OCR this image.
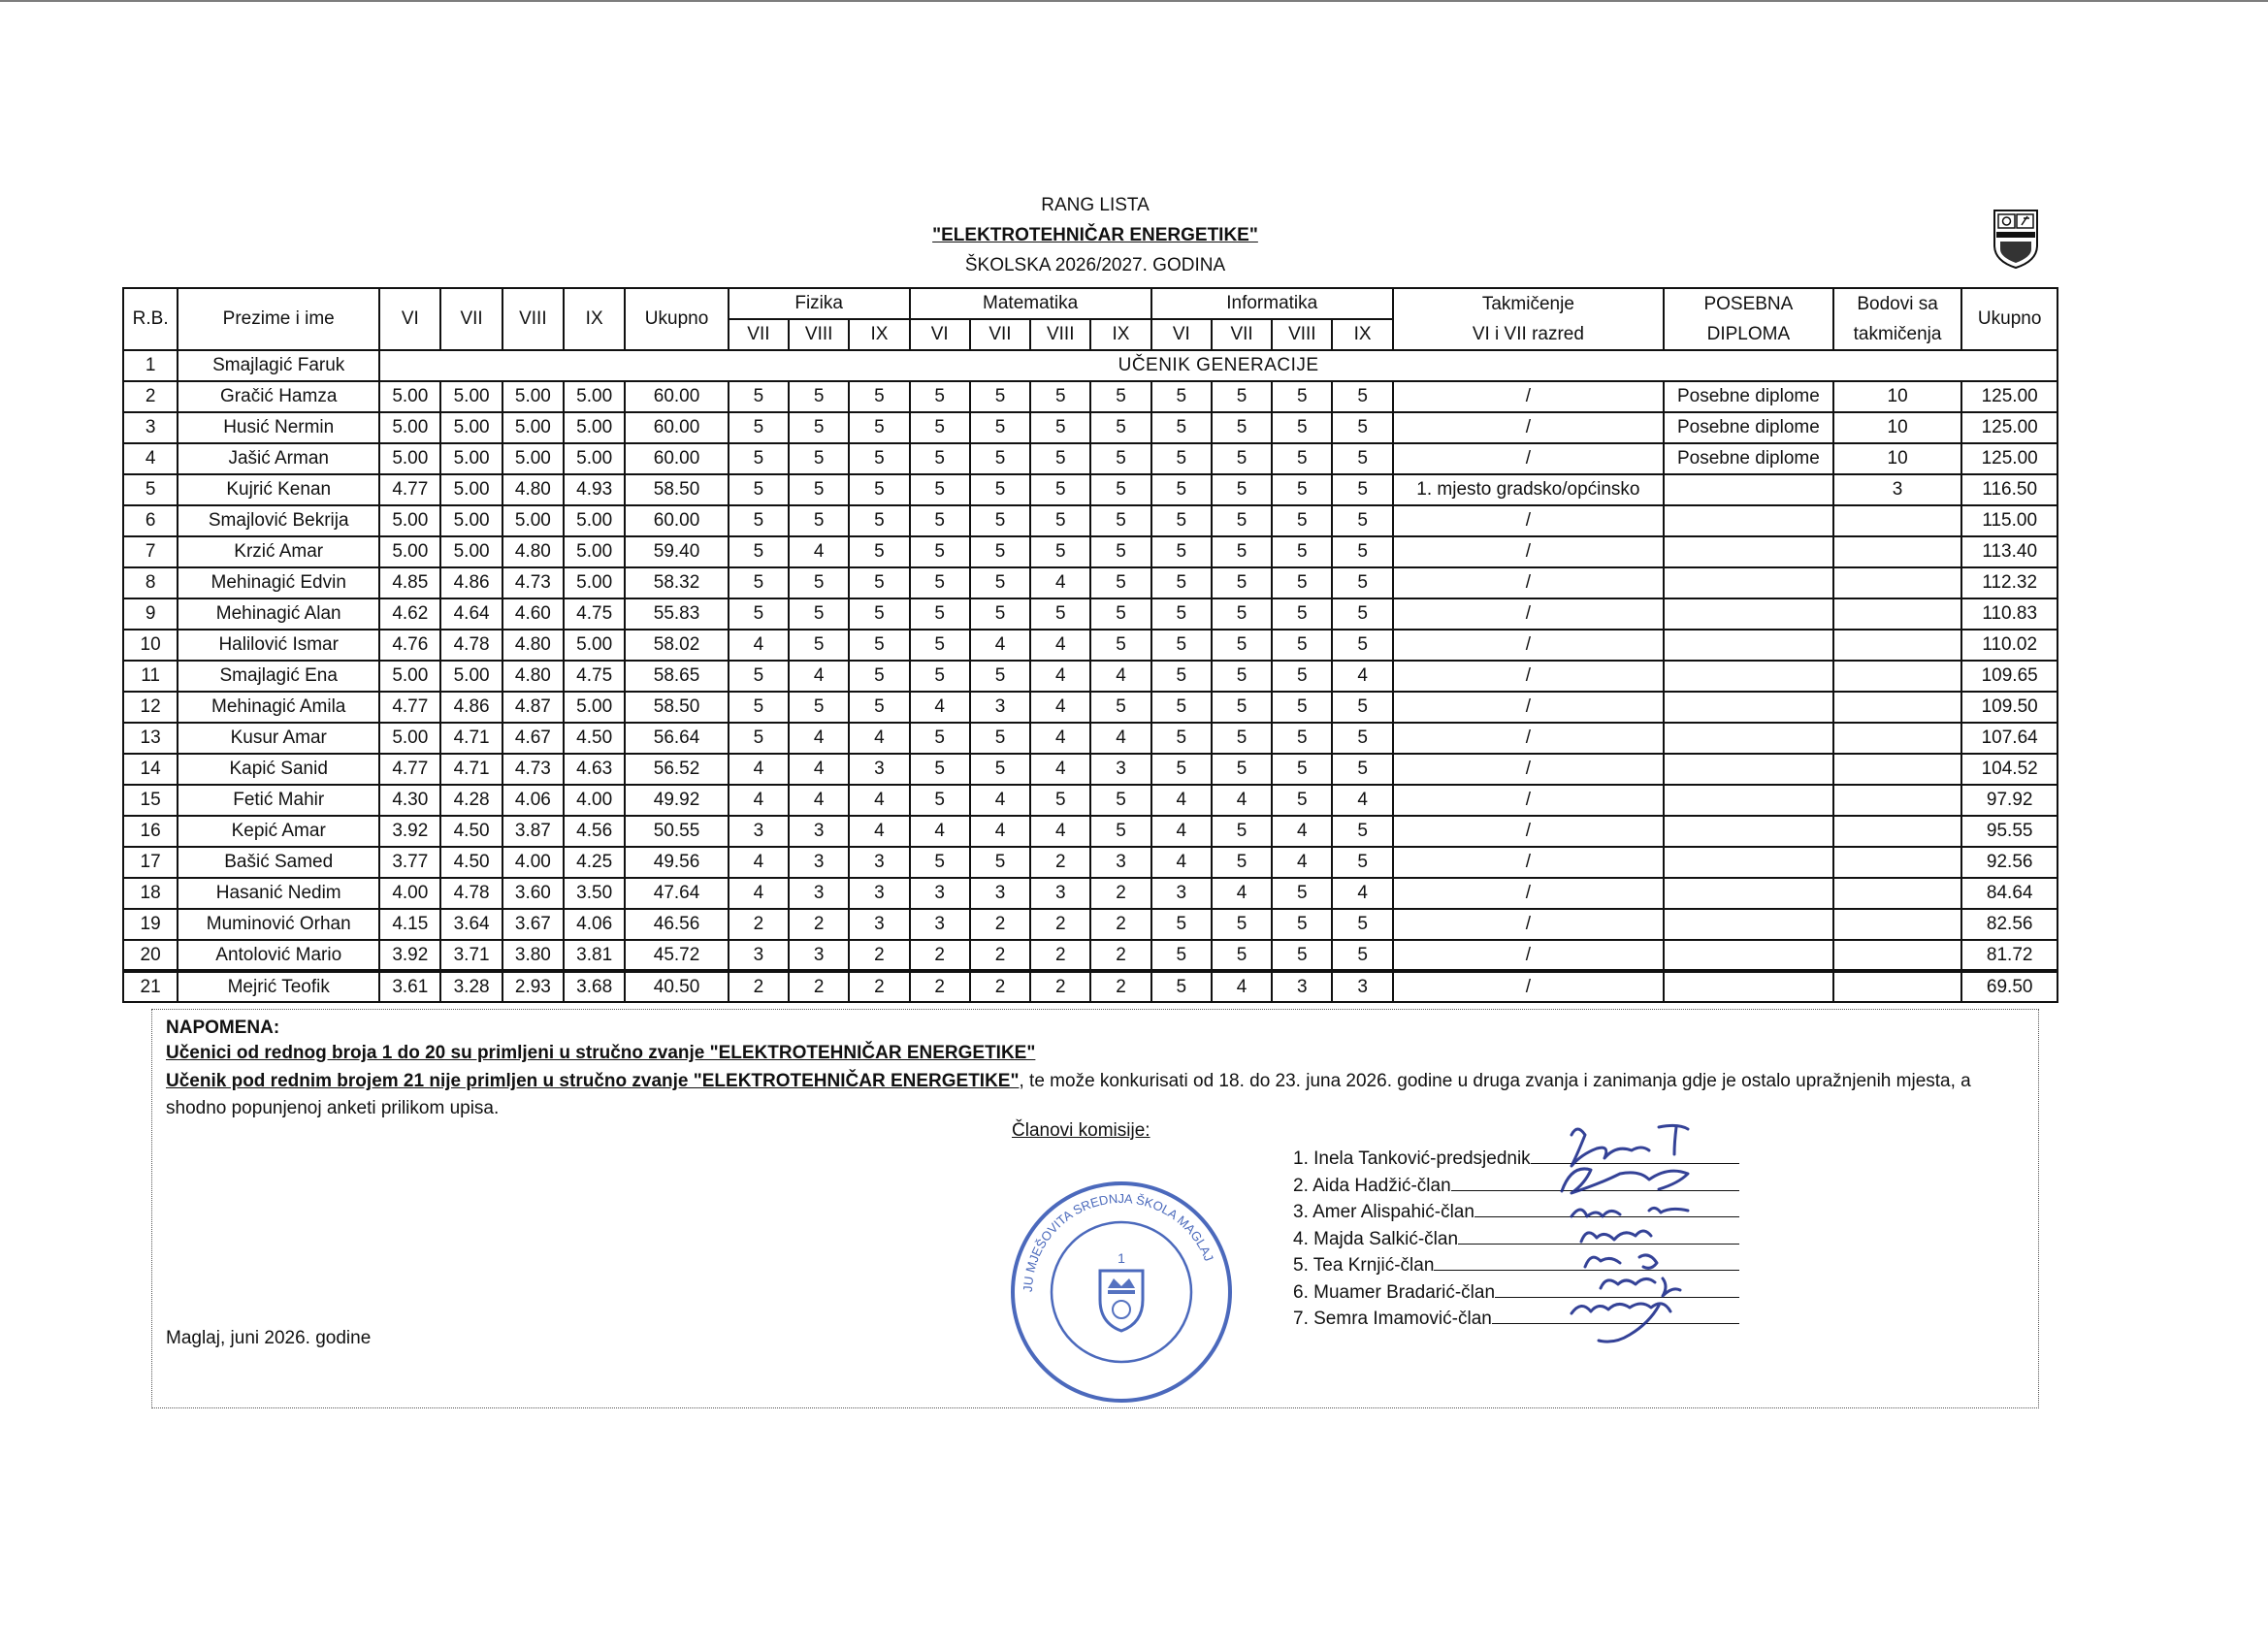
RANG LISTA
"ELEKTROTEHNIČAR ENERGETIKE"
ŠKOLSKA 2026/2027. GODINA
R.B.	Prezime i ime	VI	VII	VIII	IX	Ukupno	Fizika			Matematika				Informatika				Takmičenje	POSEBNA	Bodovi sa	Ukupno
							VII	VIII	IX	VI	VII	VIII	IX	VI	VII	VIII	IX	VI i VII razred	DIPLOMA	takmičenja	
1	Smajlagić Faruk	UČENIK GENERACIJE																			
2	Gračić Hamza	5.00	5.00	5.00	5.00	60.00	5	5	5	5	5	5	5	5	5	5	5	/	Posebne diplome	10	125.00
3	Husić Nermin	5.00	5.00	5.00	5.00	60.00	5	5	5	5	5	5	5	5	5	5	5	/	Posebne diplome	10	125.00
4	Jašić Arman	5.00	5.00	5.00	5.00	60.00	5	5	5	5	5	5	5	5	5	5	5	/	Posebne diplome	10	125.00
5	Kujrić Kenan	4.77	5.00	4.80	4.93	58.50	5	5	5	5	5	5	5	5	5	5	5	1. mjesto gradsko/općinsko		3	116.50
6	Smajlović Bekrija	5.00	5.00	5.00	5.00	60.00	5	5	5	5	5	5	5	5	5	5	5	/			115.00
7	Krzić Amar	5.00	5.00	4.80	5.00	59.40	5	4	5	5	5	5	5	5	5	5	5	/			113.40
8	Mehinagić Edvin	4.85	4.86	4.73	5.00	58.32	5	5	5	5	5	4	5	5	5	5	5	/			112.32
9	Mehinagić Alan	4.62	4.64	4.60	4.75	55.83	5	5	5	5	5	5	5	5	5	5	5	/			110.83
10	Halilović Ismar	4.76	4.78	4.80	5.00	58.02	4	5	5	5	4	4	5	5	5	5	5	/			110.02
11	Smajlagić Ena	5.00	5.00	4.80	4.75	58.65	5	4	5	5	5	4	4	5	5	5	4	/			109.65
12	Mehinagić Amila	4.77	4.86	4.87	5.00	58.50	5	5	5	4	3	4	5	5	5	5	5	/			109.50
13	Kusur Amar	5.00	4.71	4.67	4.50	56.64	5	4	4	5	5	4	4	5	5	5	5	/			107.64
14	Kapić Sanid	4.77	4.71	4.73	4.63	56.52	4	4	3	5	5	4	3	5	5	5	5	/			104.52
15	Fetić Mahir	4.30	4.28	4.06	4.00	49.92	4	4	4	5	4	5	5	4	4	5	4	/			97.92
16	Kepić Amar	3.92	4.50	3.87	4.56	50.55	3	3	4	4	4	4	5	4	5	4	5	/			95.55
17	Bašić Samed	3.77	4.50	4.00	4.25	49.56	4	3	3	5	5	2	3	4	5	4	5	/			92.56
18	Hasanić Nedim	4.00	4.78	3.60	3.50	47.64	4	3	3	3	3	3	2	3	4	5	4	/			84.64
19	Muminović Orhan	4.15	3.64	3.67	4.06	46.56	2	2	3	3	2	2	2	5	5	5	5	/			82.56
20	Antolović Mario	3.92	3.71	3.80	3.81	45.72	3	3	2	2	2	2	2	5	5	5	5	/			81.72
21	Mejrić Teofik	3.61	3.28	2.93	3.68	40.50	2	2	2	2	2	2	2	5	4	3	3	/			69.50
NAPOMENA:
Učenici od rednog broja 1 do 20 su primljeni u stručno zvanje "ELEKTROTEHNIČAR ENERGETIKE"
Učenik pod rednim brojem 21 nije primljen u stručno zvanje "ELEKTROTEHNIČAR ENERGETIKE", te može konkurisati od 18. do 23. juna 2026. godine u druga zvanja i zanimanja gdje je ostalo upražnjenih mjesta, a shodno popunjenoj anketi prilikom upisa.
Članovi komisije:
1. Inela Tanković-predsjednik
2. Aida Hadžić-član
3. Amer Alispahić-član
4. Majda Salkić-član
5. Tea Krnjić-član
6. Muamer Bradarić-član
7. Semra Imamović-član
Maglaj, juni 2026. godine
JU MJEŠOVITA SREDNJA ŠKOLA MAGLAJ
1
